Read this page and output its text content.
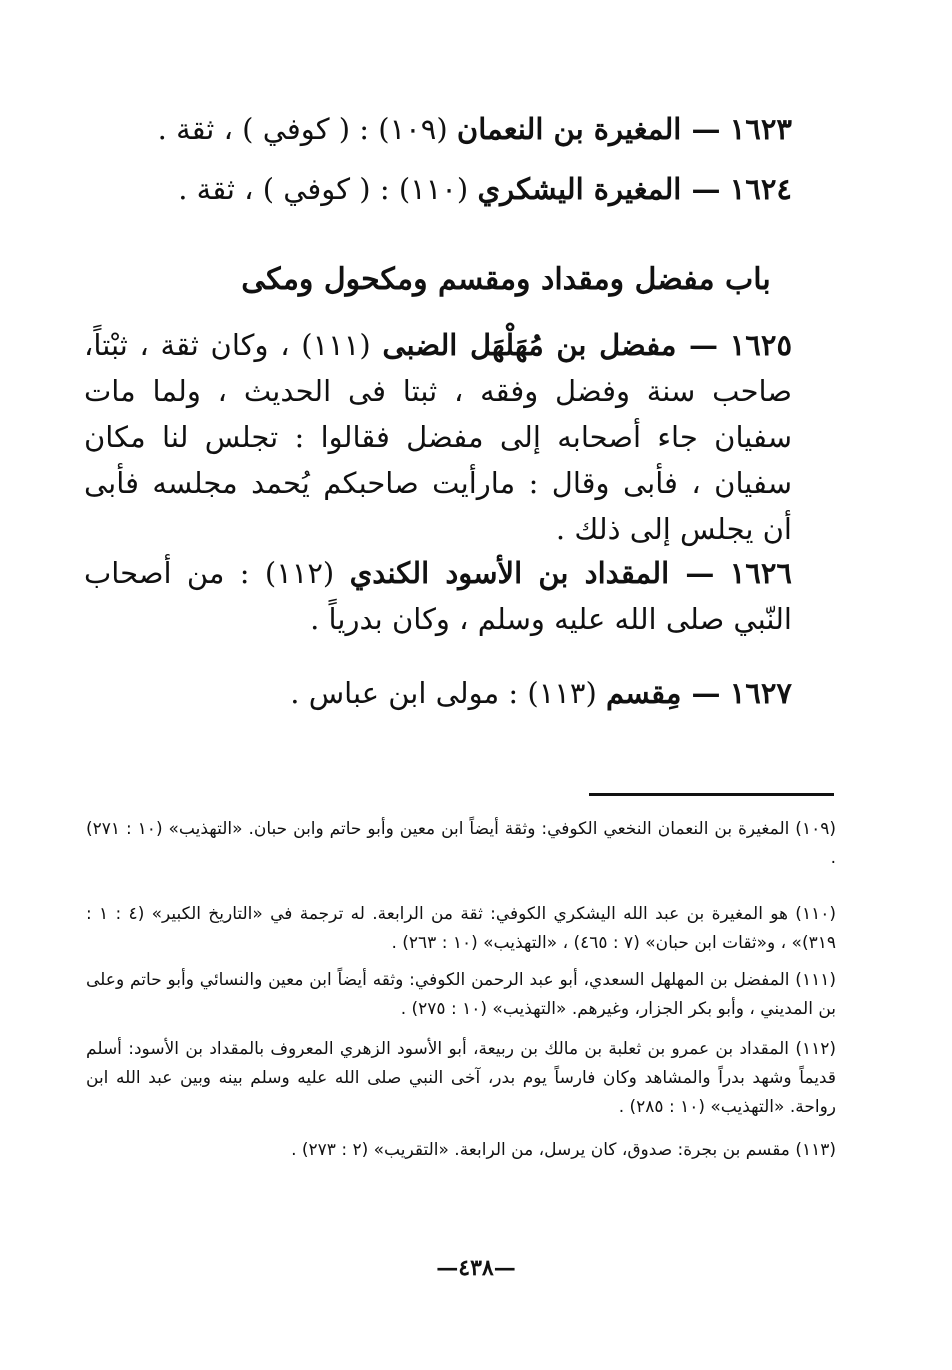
١٦٢٣ — المغيرة بن النعمان (١٠٩) : ( كوفي ) ، ثقة .
١٦٢٤ — المغيرة اليشكري (١١٠) : ( كوفي ) ، ثقة .
باب مفضل ومقداد ومقسم ومكحول ومكى
١٦٢٥ — مفضل بن مُهَلْهَل الضبى (١١١) ، وكان ثقة ، ثبْتاً، صاحب سنة وفضل وفقه ، ثبتا فى الحديث ، ولما مات سفيان جاء أصحابه إلى مفضل فقالوا : تجلس لنا مكان سفيان ، فأبى وقال : مارأيت صاحبكم يُحمد مجلسه فأبى أن يجلس إلى ذلك .
١٦٢٦ — المقداد بن الأسود الكندي (١١٢) : من أصحاب النّبي صلى الله عليه وسلم ، وكان بدرياً .
١٦٢٧ — مِقسم (١١٣) : مولى ابن عباس .
(١٠٩) المغيرة بن النعمان النخعي الكوفي: وثقة أيضاً ابن معين وأبو حاتم وابن حبان. «التهذيب» (١٠ : ٢٧١) .
(١١٠) هو المغيرة بن عبد الله اليشكري الكوفي: ثقة من الرابعة. له ترجمة في «التاريخ الكبير» (٤ : ١ : ٣١٩)» ، و«ثقات ابن حبان» (٧ : ٤٦٥) ، «التهذيب» (١٠ : ٢٦٣) .
(١١١) المفضل بن المهلهل السعدي، أبو عبد الرحمن الكوفي: وثقه أيضاً ابن معين والنسائي وأبو حاتم وعلى بن المديني ، وأبو بكر الجزار، وغيرهم. «التهذيب» (١٠ : ٢٧٥) .
(١١٢) المقداد بن عمرو بن ثعلبة بن مالك بن ربيعة، أبو الأسود الزهري المعروف بالمقداد بن الأسود: أسلم قديماً وشهد بدراً والمشاهد وكان فارساً يوم بدر، آخى النبي صلى الله عليه وسلم بينه وبين عبد الله ابن رواحة. «التهذيب» (١٠ : ٢٨٥) .
(١١٣) مقسم بن بجرة: صدوق، كان يرسل، من الرابعة. «التقريب» (٢ : ٢٧٣) .
—٤٣٨—
